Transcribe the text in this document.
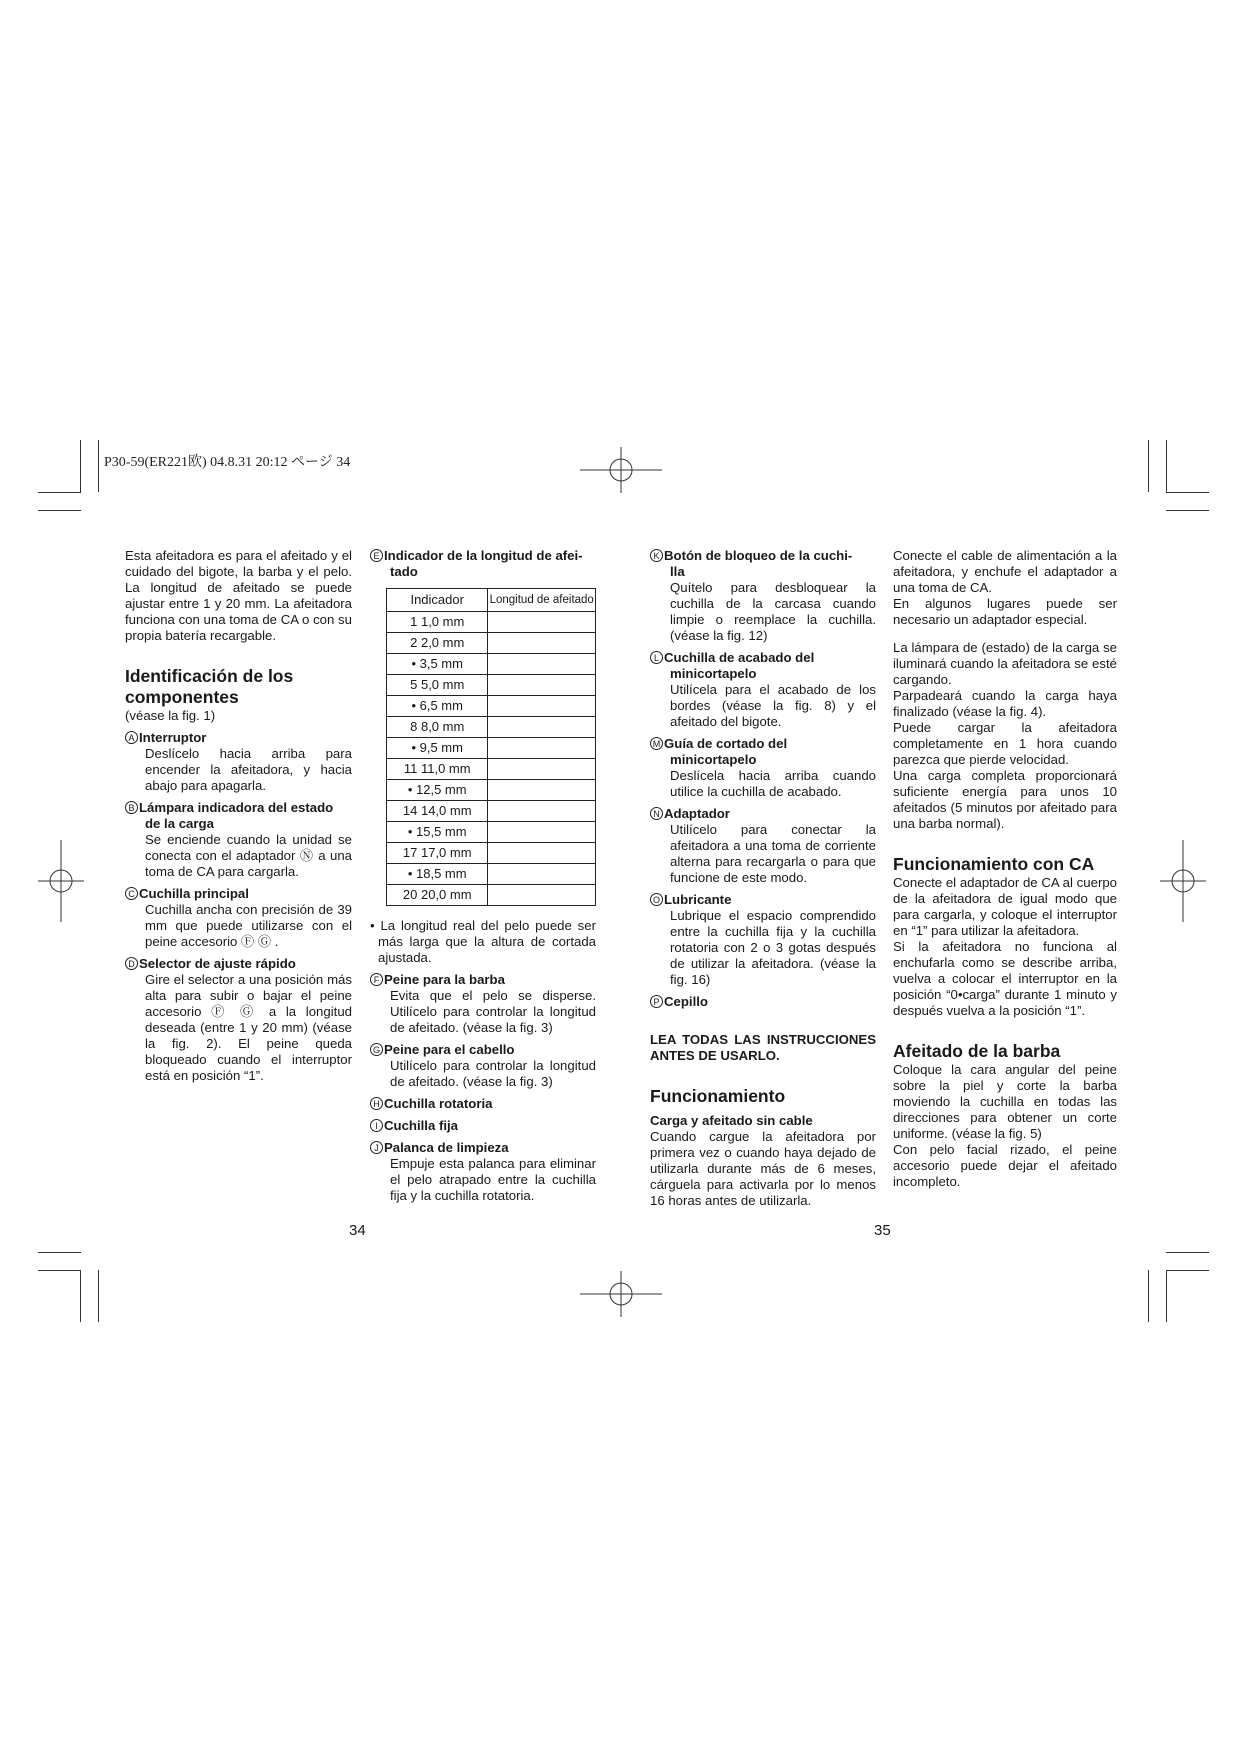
P30-59(ER221欧) 04.8.31 20:12 ページ 34

Esta afeitadora es para el afeitado y el cuidado del bigote, la barba y el pelo. La longitud de afeitado se puede ajustar entre 1 y 20 mm. La afeitadora funciona con una toma de CA o con su propia batería recargable.

Identificación de los componentes

(véase la fig. 1)

A Interruptor

Deslícelo hacia arriba para encender la afeitadora, y hacia abajo para apagarla.

B Lámpara indicadora del estado
de la carga

Se enciende cuando la unidad se conecta con el adaptador Ⓝ a una toma de CA para cargarla.

C Cuchilla principal

Cuchilla ancha con precisión de 39 mm que puede utilizarse con el peine accesorio Ⓕ Ⓖ .

D Selector de ajuste rápido

Gire el selector a una posición más alta para subir o bajar el peine accesorio Ⓕ Ⓖ a la longitud deseada (entre 1 y 20 mm) (véase la fig. 2). El peine queda bloqueado cuando el interruptor está en posición “1”.

E Indicador de la longitud de afei-
tado

Indicador	Longitud de afeitado
1 1,0 mm	
2 2,0 mm	
• 3,5 mm	
5 5,0 mm	
• 6,5 mm	
8 8,0 mm	
• 9,5 mm	
11 11,0 mm	
• 12,5 mm	
14 14,0 mm	
• 15,5 mm	
17 17,0 mm	
• 18,5 mm	
20 20,0 mm	

• La longitud real del pelo puede ser más larga que la altura de cortada ajustada.

F Peine para la barba

Evita que el pelo se disperse. Utilícelo para controlar la longitud de afeitado. (véase la fig. 3)

G Peine para el cabello

Utilícelo para controlar la longitud de afeitado. (véase la fig. 3)

H Cuchilla rotatoria

I Cuchilla fija

J Palanca de limpieza

Empuje esta palanca para eliminar el pelo atrapado entre la cuchilla fija y la cuchilla rotatoria.

34

K Botón de bloqueo de la cuchi-
lla

Quítelo para desbloquear la cuchilla de la carcasa cuando limpie o reemplace la cuchilla. (véase la fig. 12)

L Cuchilla de acabado del
minicortapelo

Utilícela para el acabado de los bordes (véase la fig. 8) y el afeitado del bigote.

M Guía de cortado del
minicortapelo

Deslícela hacia arriba cuando utilice la cuchilla de acabado.

N Adaptador

Utilícelo para conectar la afeitadora a una toma de corriente alterna para recargarla o para que funcione de este modo.

O Lubricante

Lubrique el espacio comprendido entre la cuchilla fija y la cuchilla rotatoria con 2 o 3 gotas después de utilizar la afeitadora. (véase la fig. 16)

P Cepillo

LEA TODAS LAS INSTRUCCIONES ANTES DE USARLO.

Funcionamiento

Carga y afeitado sin cable

Cuando cargue la afeitadora por primera vez o cuando haya dejado de utilizarla durante más de 6 meses, cárguela para activarla por lo menos 16 horas antes de utilizarla.

Conecte el cable de alimentación a la afeitadora, y enchufe el adaptador a una toma de CA.

En algunos lugares puede ser necesario un adaptador especial.

La lámpara de (estado) de la carga se iluminará cuando la afeitadora se esté cargando.

Parpadeará cuando la carga haya finalizado (véase la fig. 4).

Puede cargar la afeitadora completamente en 1 hora cuando parezca que pierde velocidad.

Una carga completa proporcionará suficiente energía para unos 10 afeitados (5 minutos por afeitado para una barba normal).

Funcionamiento con CA

Conecte el adaptador de CA al cuerpo de la afeitadora de igual modo que para cargarla, y coloque el interruptor en “1” para utilizar la afeitadora.

Si la afeitadora no funciona al enchufarla como se describe arriba, vuelva a colocar el interruptor en la posición “0•carga” durante 1 minuto y después vuelva a la posición “1”.

Afeitado de la barba

Coloque la cara angular del peine sobre la piel y corte la barba moviendo la cuchilla en todas las direcciones para obtener un corte uniforme. (véase la fig. 5)

Con pelo facial rizado, el peine accesorio puede dejar el afeitado incompleto.

35
